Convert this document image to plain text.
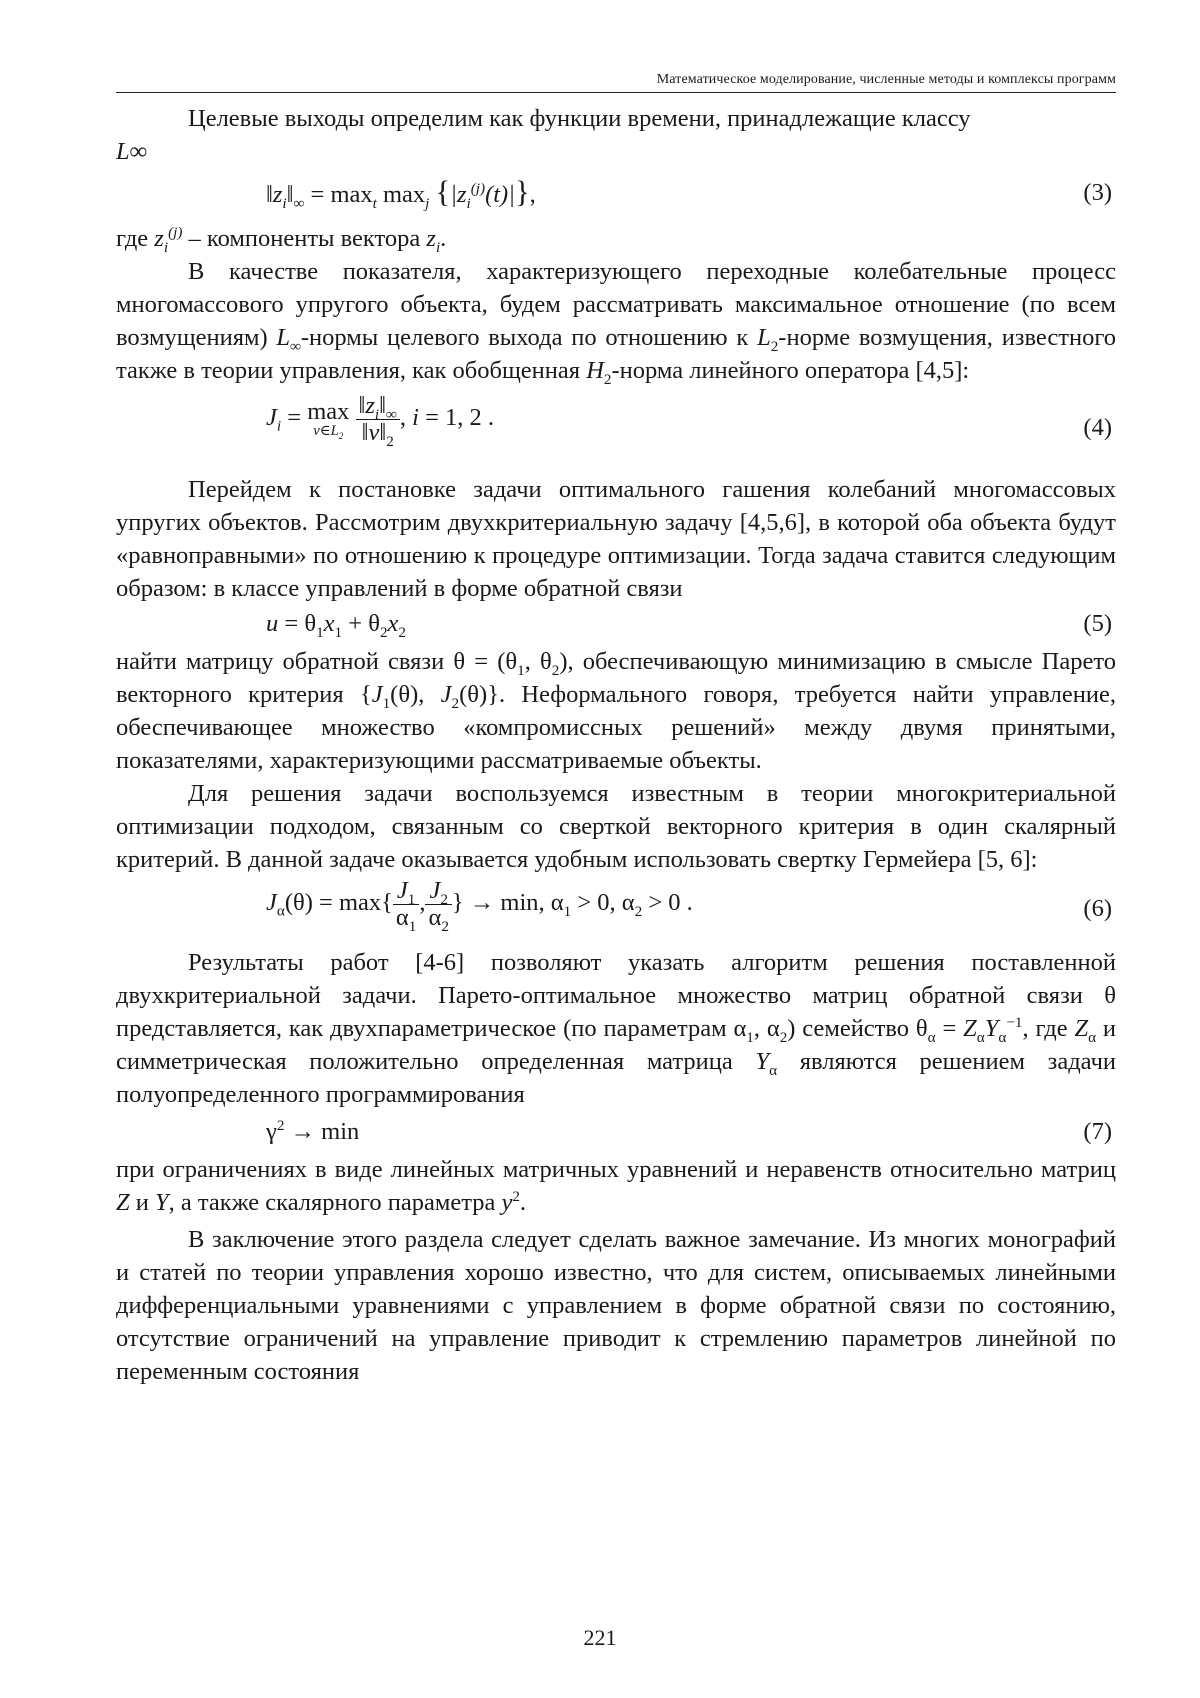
Математическое моделирование, численные методы и комплексы программ

Целевые выходы определим как функции времени, принадлежащие классу
L∞

$‖z_i‖_\infty = \max_t \max_j \{|z_i^{(j)}(t)|\}$,	(3)

где $z_i^{(j)}$ – компоненты вектора $z_i$.

В качестве показателя, характеризующего переходные колебательные процесс многомассового упругого объекта, будем рассматривать максимальное отношение (по всем возмущениям) $L_\infty$-нормы целевого выхода по отношению к $L_2$-норме возмущения, известного также в теории управления, как обобщенная $H_2$-норма линейного оператора [4,5]:

$J_i = \max$
$v\in L_2$
$\frac{‖z_i‖_\infty}{‖v‖_2}$ , i = 1, 2 .	(4)

Перейдем к постановке задачи оптимального гашения колебаний многомассовых упругих объектов. Рассмотрим двухкритериальную задачу [4,5,6], в которой оба объекта будут «равноправными» по отношению к процедуре оптимизации. Тогда задача ставится следующим образом: в классе управлений в форме обратной связи

$u = \theta_1x_1 + \theta_2x_2$	(5)

найти матрицу обратной связи $\theta = (\theta_1$, $\theta_2$), обеспечивающую минимизацию в смысле Парето векторного критерия {$J_1(\theta)$, $J_2(\theta)$}. Неформального говоря, требуется найти управление, обеспечивающее множество «компромиссных решений» между двумя принятыми, показателями, характеризующими рассматриваемые объекты.

Для решения задачи воспользуемся известным в теории многокритериальной оптимизации подходом, связанным со сверткой векторного критерия в один скалярный критерий. В данной задаче оказывается удобным использовать свертку Гермейера [5, 6]:

$J_\alpha(\theta) = \max\{ \frac{J_1}{\alpha_1}$ , $\frac{J_2}{\alpha_2}$ } → min, $\alpha_1 > 0$, $\alpha_2 > 0$ .	(6)

Результаты работ [4-6] позволяют указать алгоритм решения поставленной двухкритериальной задачи. Парето-оптимальное множество матриц обратной связи θ представляется, как двухпараметрическое (по параметрам $\alpha_1$, $\alpha_2$) семейство $\theta_\alpha = Z_\alpha Y_\alpha^{-1}$, где $Z_\alpha$ и симметрическая положительно определенная матрица $Y_\alpha$ являются решением задачи полуопределенного программирования

$\gamma^2 \to \min$	(7)

при ограничениях в виде линейных матричных уравнений и неравенств относительно матриц Z и Y, а также скалярного параметра $y^2$.

В заключение этого раздела следует сделать важное замечание. Из многих монографий и статей по теории управления хорошо известно, что для систем, описываемых линейными дифференциальными уравнениями с управлением в форме обратной связи по состоянию, отсутствие ограничений на управление приводит к стремлению параметров линейной по переменным состояния

221
